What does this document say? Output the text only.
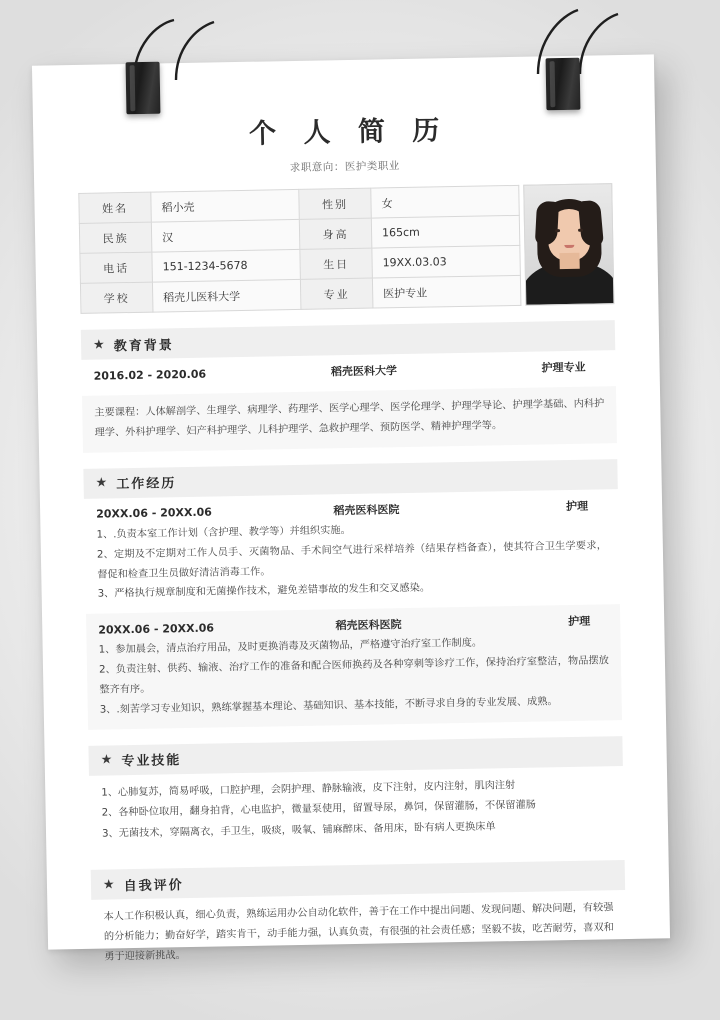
个 人 简 历
求职意向：医护类职业
姓名	稻小壳	性别	女
民族	汉	身高	165cm
电话	151-1234-5678	生日	19XX.03.03
学校	稻壳儿医科大学	专业	医护专业
★ 教育背景
2016.02 - 2020.06	稻壳医科大学	护理专业
主要课程：人体解剖学、生理学、病理学、药理学、医学心理学、医学伦理学、护理学导论、护理学基础、内科护理学、外科护理学、妇产科护理学、儿科护理学、急救护理学、预防医学、精神护理学等。
★ 工作经历
20XX.06 - 20XX.06	稻壳医科医院	护理
1、.负责本室工作计划（含护理、教学等）并组织实施。
2、定期及不定期对工作人员手、灭菌物品、手术间空气进行采样培养（结果存档备查），使其符合卫生学要求，督促和检查卫生员做好清洁消毒工作。
3、严格执行规章制度和无菌操作技术，避免差错事故的发生和交叉感染。
20XX.06 - 20XX.06	稻壳医科医院	护理
1、参加晨会，清点治疗用品，及时更换消毒及灭菌物品，严格遵守治疗室工作制度。
2、负责注射、供药、输液、治疗工作的准备和配合医师换药及各种穿刺等诊疗工作，保持治疗室整洁，物品摆放整齐有序。
3、.刻苦学习专业知识，熟练掌握基本理论、基础知识、基本技能，不断寻求自身的专业发展、成熟。
★ 专业技能
1、心肺复苏，简易呼吸，口腔护理，会阴护理、静脉输液，皮下注射，皮内注射，肌肉注射
2、各种卧位取用，翻身拍背，心电监护，微量泵使用，留置导尿，鼻饲，保留灌肠，不保留灌肠
3、无菌技术，穿隔离衣，手卫生，吸痰，吸氧、铺麻醉床、备用床，卧有病人更换床单
★ 自我评价
本人工作积极认真，细心负责，熟练运用办公自动化软件，善于在工作中提出问题、发现问题、解决问题，有较强的分析能力；勤奋好学，踏实肯干，动手能力强，认真负责，有很强的社会责任感；坚毅不拔，吃苦耐劳，喜双和勇于迎接新挑战。
